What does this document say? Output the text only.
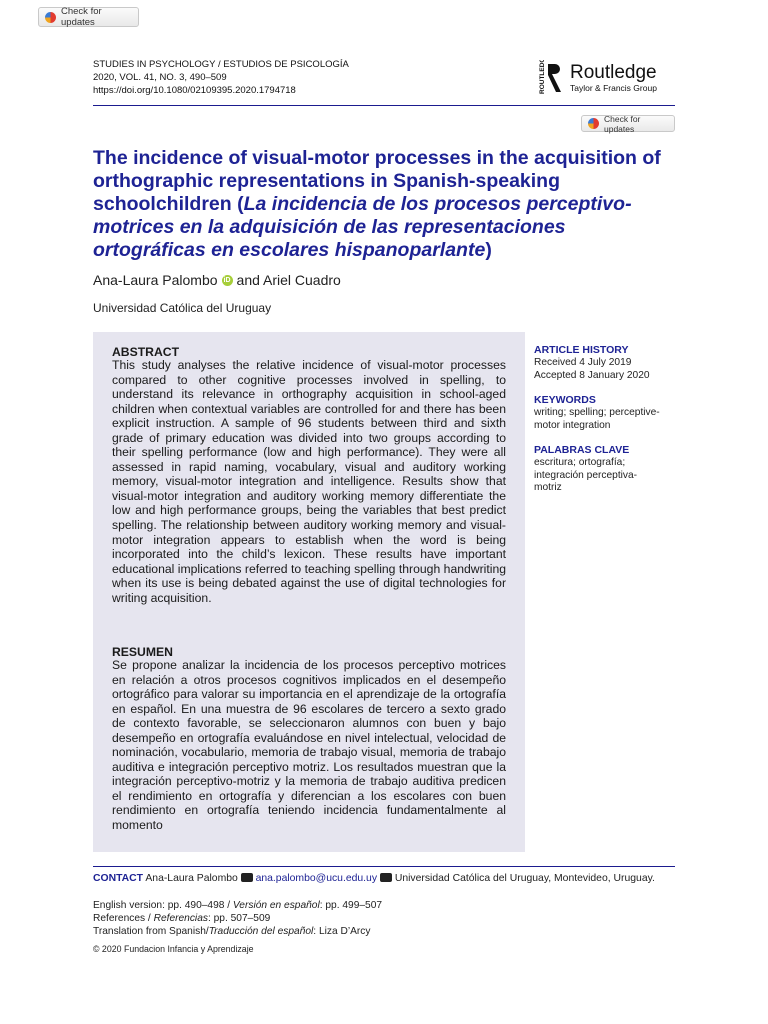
Check for updates
STUDIES IN PSYCHOLOGY / ESTUDIOS DE PSICOLOGÍA
2020, VOL. 41, NO. 3, 490–509
https://doi.org/10.1080/02109395.2020.1794718	ROUTLEDGE Routledge
Taylor & Francis Group
Check for updates
The incidence of visual-motor processes in the acquisition of orthographic representations in Spanish-speaking schoolchildren (La incidencia de los procesos perceptivo-motrices en la adquisición de las representaciones ortográficas en escolares hispanoparlante)
Ana-Laura Palombo iD and Ariel Cuadro
Universidad Católica del Uruguay
ABSTRACT
This study analyses the relative incidence of visual-motor processes compared to other cognitive processes involved in spelling, to understand its relevance in orthography acquisition in school-aged children when contextual variables are controlled for and there has been explicit instruction. A sample of 96 students between third and sixth grade of primary education was divided into two groups according to their spelling performance (low and high performance). They were all assessed in rapid naming, vocabulary, visual and auditory working memory, visual-motor integration and intelligence. Results show that visual-motor integration and auditory working memory differentiate the low and high performance groups, being the variables that best predict spelling. The relationship between auditory working memory and visual-motor integration appears to establish when the word is being incorporated into the child’s lexicon. These results have important educational implications referred to teaching spelling through handwriting when its use is being debated against the use of digital technologies for writing acquisition.
RESUMEN
Se propone analizar la incidencia de los procesos perceptivo motrices en relación a otros procesos cognitivos implicados en el desempeño ortográfico para valorar su importancia en el aprendizaje de la ortografía en español. En una muestra de 96 escolares de tercero a sexto grado de contexto favorable, se seleccionaron alumnos con buen y bajo desempeño en ortografía evaluándose en nivel intelectual, velocidad de nominación, vocabulario, memoria de trabajo visual, memoria de trabajo auditiva e integración perceptivo motriz. Los resultados muestran que la integración perceptivo-motriz y la memoria de trabajo auditiva predicen el rendimiento en ortografía y diferencian a los escolares con buen rendimiento en ortografía teniendo incidencia fundamentalmente al momento
ARTICLE HISTORY
Received 4 July 2019
Accepted 8 January 2020
KEYWORDS
writing; spelling; perceptive-motor integration
PALABRAS CLAVE
escritura; ortografía; integración perceptiva-motriz
CONTACT Ana-Laura Palombo ana.palombo@ucu.edu.uy Universidad Católica del Uruguay, Montevideo, Uruguay.
English version: pp. 490–498 / Versión en español: pp. 499–507
References / Referencias: pp. 507–509
Translation from Spanish/Traducción del español: Liza D’Arcy
© 2020 Fundacion Infancia y Aprendizaje
